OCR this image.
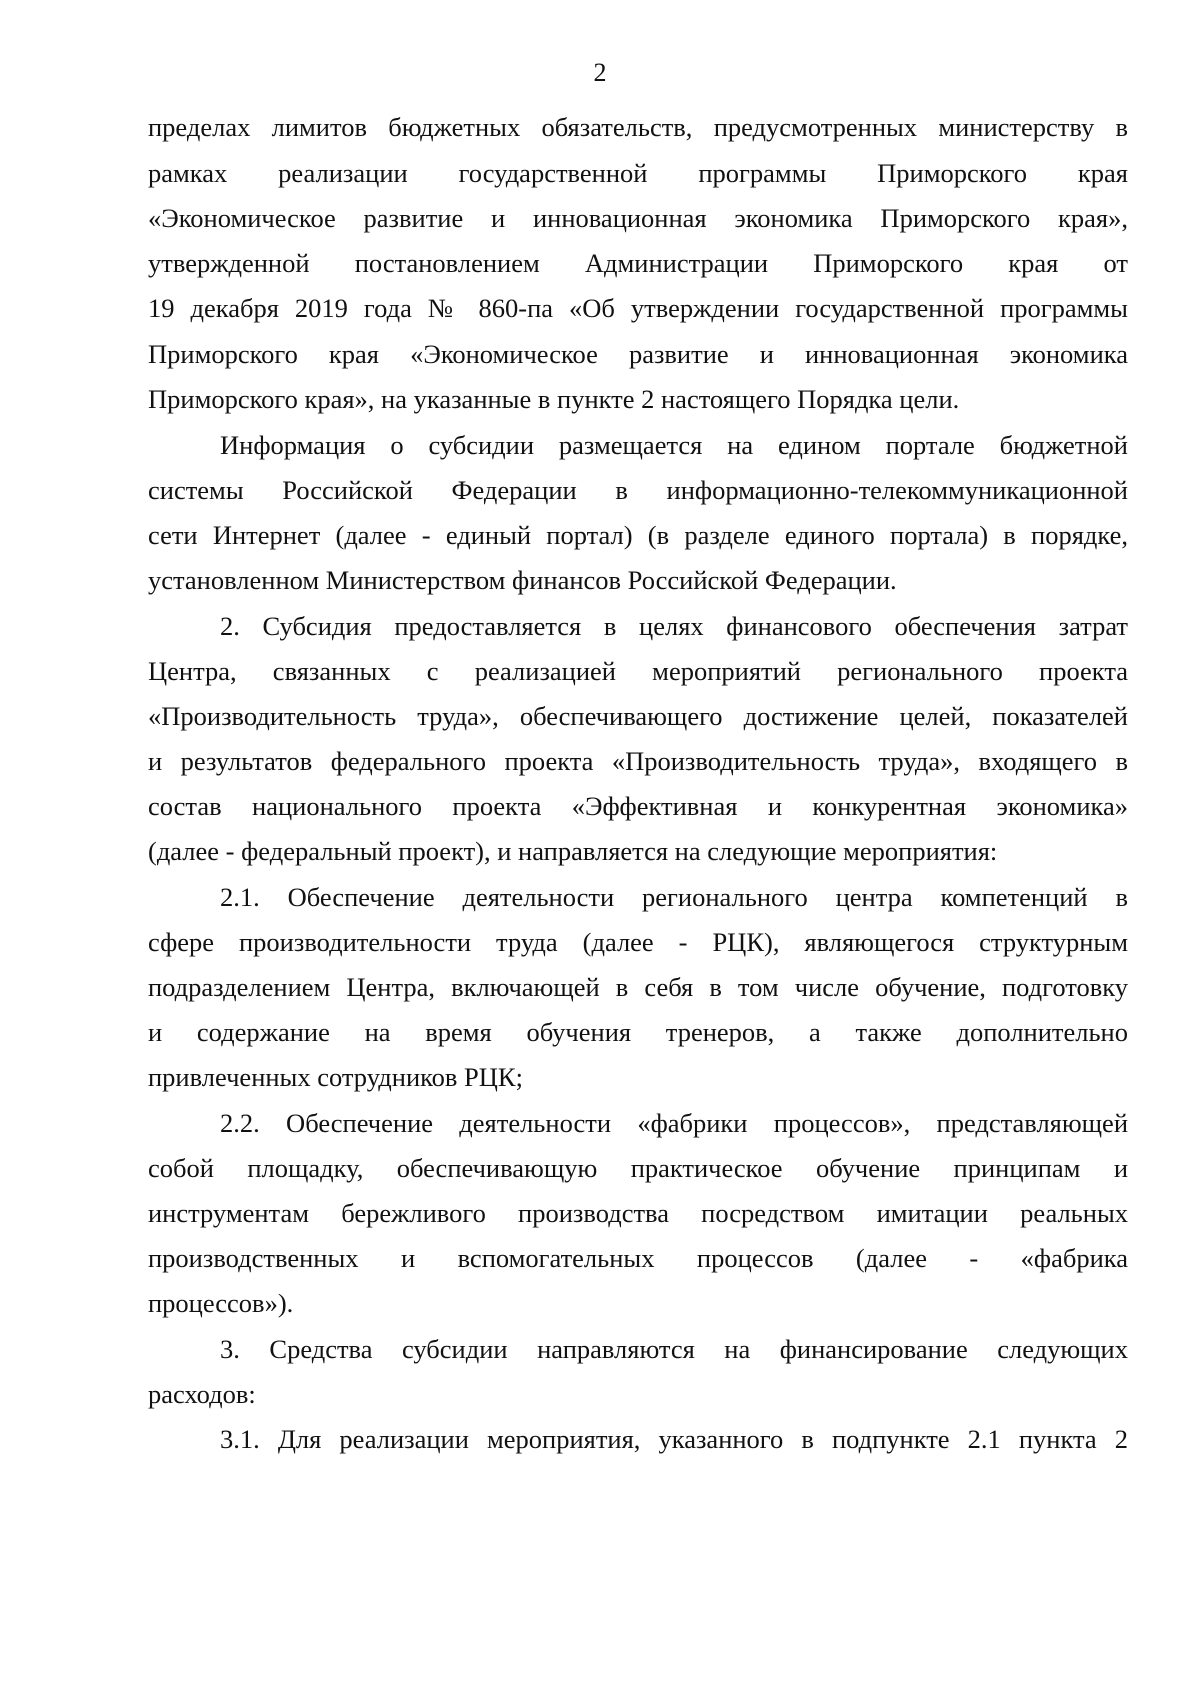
2
пределах лимитов бюджетных обязательств, предусмотренных министерству в
рамках реализации государственной программы Приморского края
«Экономическое развитие и инновационная экономика Приморского края»,
утвержденной постановлением Администрации Приморского края от
19 декабря 2019 года № 860-па «Об утверждении государственной программы
Приморского края «Экономическое развитие и инновационная экономика
Приморского края», на указанные в пункте 2 настоящего Порядка цели.
Информация о субсидии размещается на едином портале бюджетной
системы Российской Федерации в информационно-телекоммуникационной
сети Интернет (далее - единый портал) (в разделе единого портала) в порядке,
установленном Министерством финансов Российской Федерации.
2. Субсидия предоставляется в целях финансового обеспечения затрат
Центра, связанных с реализацией мероприятий регионального проекта
«Производительность труда», обеспечивающего достижение целей, показателей
и результатов федерального проекта «Производительность труда», входящего в
состав национального проекта «Эффективная и конкурентная экономика»
(далее - федеральный проект), и направляется на следующие мероприятия:
2.1. Обеспечение деятельности регионального центра компетенций в
сфере производительности труда (далее - РЦК), являющегося структурным
подразделением Центра, включающей в себя в том числе обучение, подготовку
и содержание на время обучения тренеров, а также дополнительно
привлеченных сотрудников РЦК;
2.2. Обеспечение деятельности «фабрики процессов», представляющей
собой площадку, обеспечивающую практическое обучение принципам и
инструментам бережливого производства посредством имитации реальных
производственных и вспомогательных процессов (далее - «фабрика
процессов»).
3. Средства субсидии направляются на финансирование следующих
расходов:
3.1. Для реализации мероприятия, указанного в подпункте 2.1 пункта 2
